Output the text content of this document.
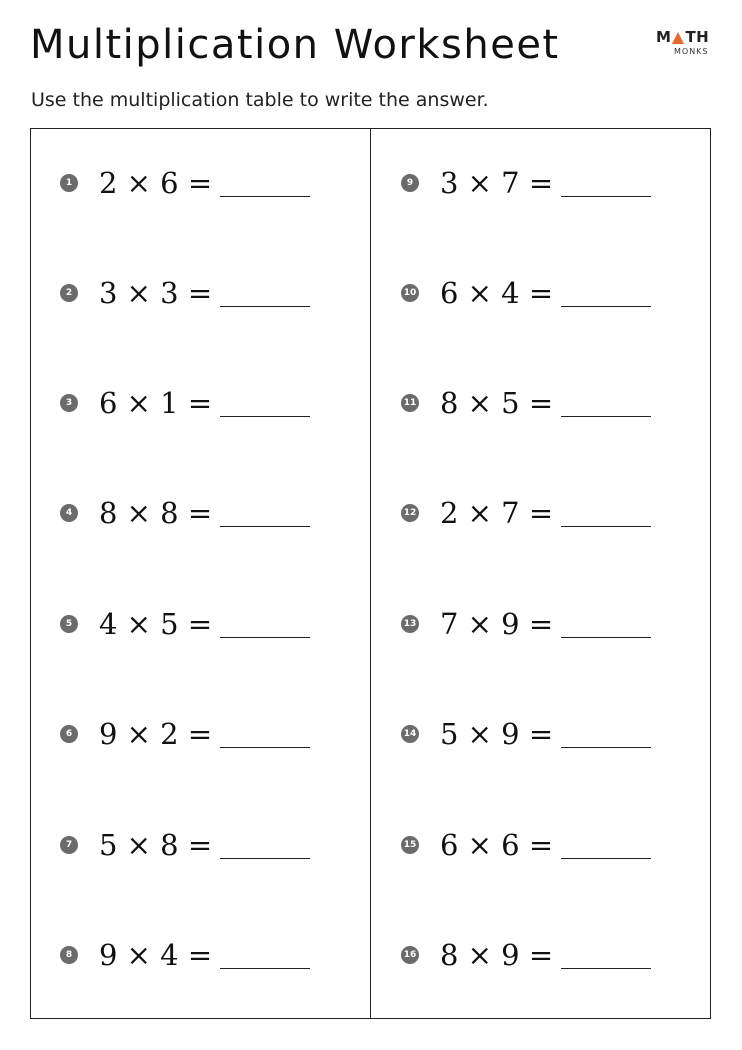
Multiplication Worksheet
Use the multiplication table to write the answer.
M TH
MONKS
1 2 × 6 =
2 3 × 3 =
3 6 × 1 =
4 8 × 8 =
5 4 × 5 =
6 9 × 2 =
7 5 × 8 =
8 9 × 4 =
9 3 × 7 =
10 6 × 4 =
11 8 × 5 =
12 2 × 7 =
13 7 × 9 =
14 5 × 9 =
15 6 × 6 =
16 8 × 9 =
